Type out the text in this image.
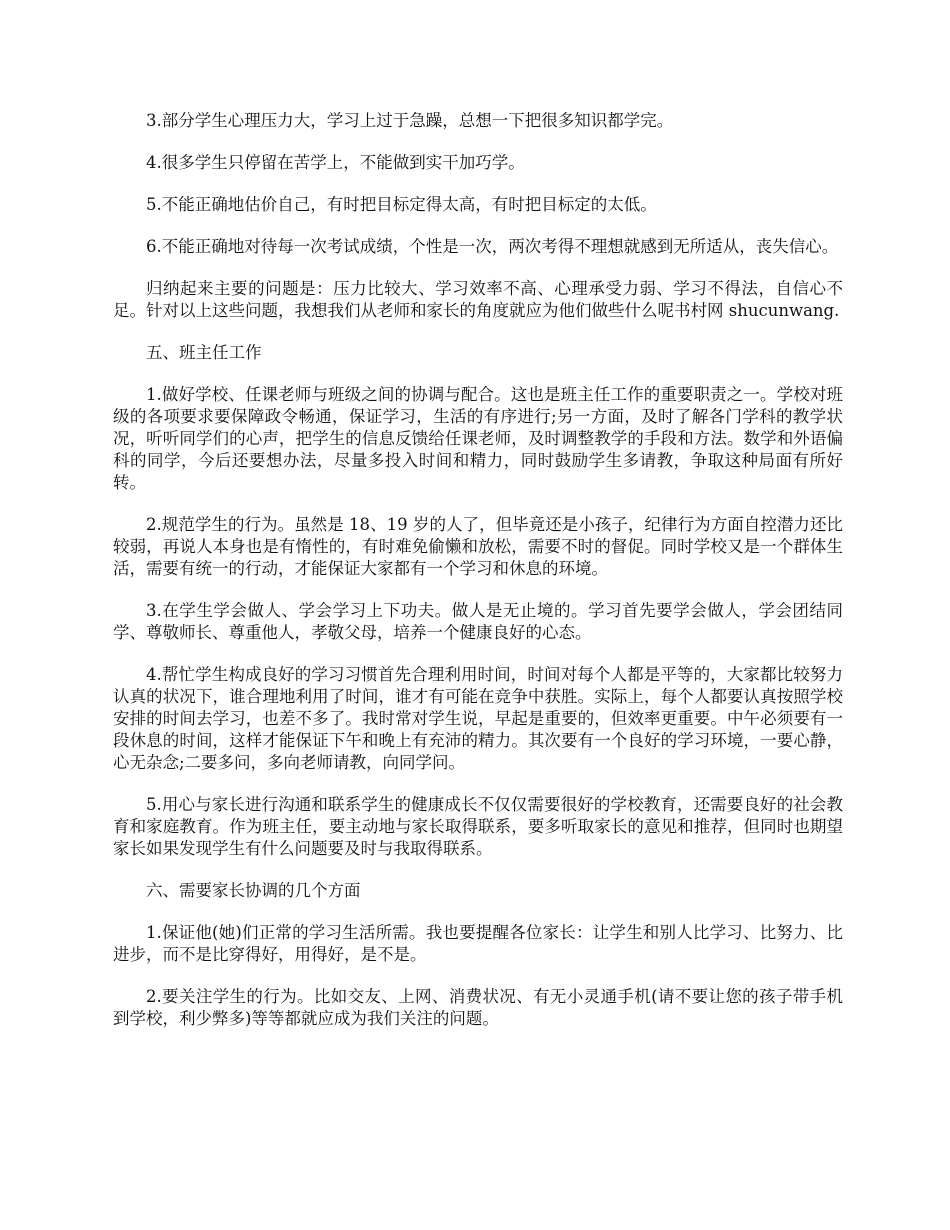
3.部分学生心理压力大，学习上过于急躁，总想一下把很多知识都学完。

4.很多学生只停留在苦学上，不能做到实干加巧学。

5.不能正确地估价自己，有时把目标定得太高，有时把目标定的太低。

6.不能正确地对待每一次考试成绩，个性是一次，两次考得不理想就感到无所适从，丧失信心。

归纳起来主要的问题是：压力比较大、学习效率不高、心理承受力弱、学习不得法，自信心不足。针对以上这些问题，我想我们从老师和家长的角度就应为他们做些什么呢书村网 shucunwang.

五、班主任工作

1.做好学校、任课老师与班级之间的协调与配合。这也是班主任工作的重要职责之一。学校对班级的各项要求要保障政令畅通，保证学习，生活的有序进行;另一方面，及时了解各门学科的教学状况，听听同学们的心声，把学生的信息反馈给任课老师，及时调整教学的手段和方法。数学和外语偏科的同学，今后还要想办法，尽量多投入时间和精力，同时鼓励学生多请教，争取这种局面有所好转。

2.规范学生的行为。虽然是 18、19 岁的人了，但毕竟还是小孩子，纪律行为方面自控潜力还比较弱，再说人本身也是有惰性的，有时难免偷懒和放松，需要不时的督促。同时学校又是一个群体生活，需要有统一的行动，才能保证大家都有一个学习和休息的环境。

3.在学生学会做人、学会学习上下功夫。做人是无止境的。学习首先要学会做人，学会团结同学、尊敬师长、尊重他人，孝敬父母，培养一个健康良好的心态。

4.帮忙学生构成良好的学习习惯首先合理利用时间，时间对每个人都是平等的，大家都比较努力认真的状况下，谁合理地利用了时间，谁才有可能在竞争中获胜。实际上，每个人都要认真按照学校安排的时间去学习，也差不多了。我时常对学生说，早起是重要的，但效率更重要。中午必须要有一段休息的时间，这样才能保证下午和晚上有充沛的精力。其次要有一个良好的学习环境，一要心静，心无杂念;二要多问，多向老师请教，向同学问。

5.用心与家长进行沟通和联系学生的健康成长不仅仅需要很好的学校教育，还需要良好的社会教育和家庭教育。作为班主任，要主动地与家长取得联系，要多听取家长的意见和推荐，但同时也期望家长如果发现学生有什么问题要及时与我取得联系。

六、需要家长协调的几个方面

1.保证他(她)们正常的学习生活所需。我也要提醒各位家长：让学生和别人比学习、比努力、比进步，而不是比穿得好，用得好，是不是。

2.要关注学生的行为。比如交友、上网、消费状况、有无小灵通手机(请不要让您的孩子带手机到学校，利少弊多)等等都就应成为我们关注的问题。
